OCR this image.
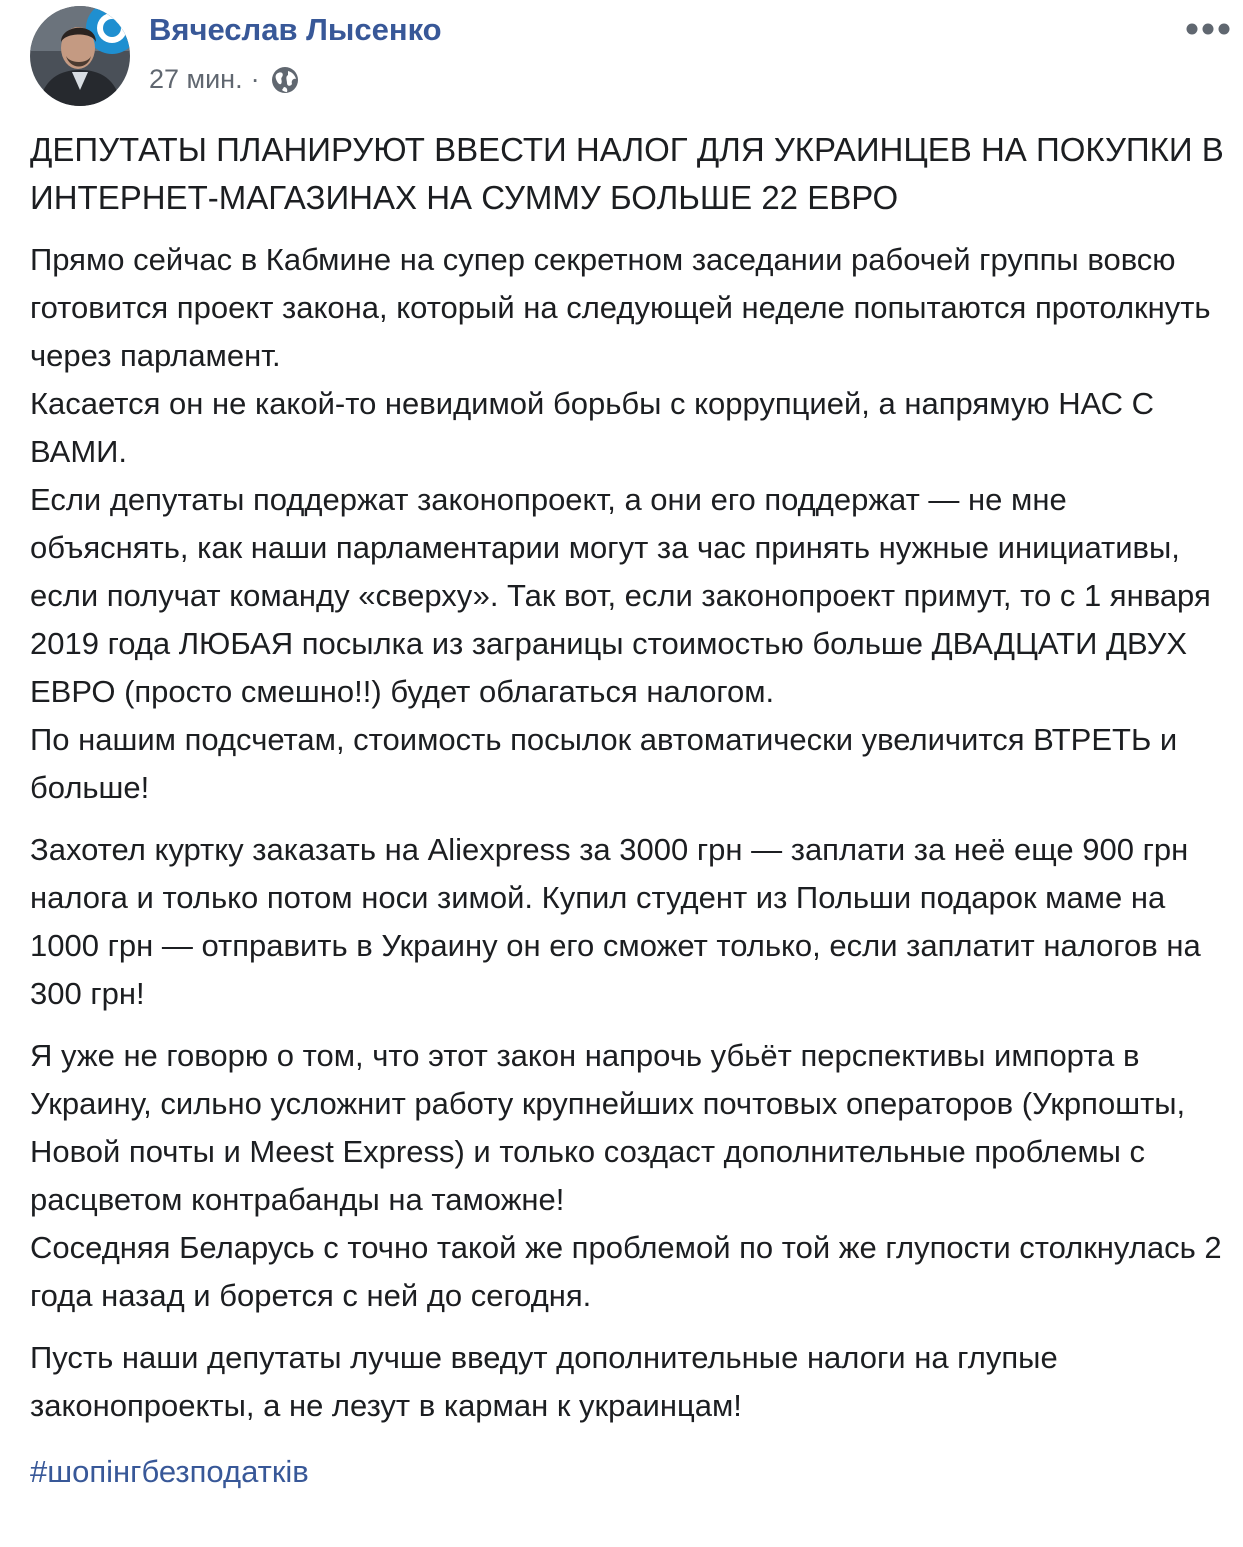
Вячеслав Лысенко
27 мин. ·
ДЕПУТАТЫ ПЛАНИРУЮТ ВВЕСТИ НАЛОГ ДЛЯ УКРАИНЦЕВ НА ПОКУПКИ В ИНТЕРНЕТ-МАГАЗИНАХ НА СУММУ БОЛЬШЕ 22 ЕВРО
Прямо сейчас в Кабмине на супер секретном заседании рабочей группы вовсю готовится проект закона, который на следующей неделе попытаются протолкнуть через парламент.
Касается он не какой-то невидимой борьбы с коррупцией, а напрямую НАС С ВАМИ.
Если депутаты поддержат законопроект, а они его поддержат — не мне объяснять, как наши парламентарии могут за час принять нужные инициативы, если получат команду «сверху». Так вот, если законопроект примут, то с 1 января 2019 года ЛЮБАЯ посылка из заграницы стоимостью больше ДВАДЦАТИ ДВУХ ЕВРО (просто смешно!!) будет облагаться налогом.
По нашим подсчетам, стоимость посылок автоматически увеличится ВТРЕТЬ и больше!
Захотел куртку заказать на Aliexpress за 3000 грн — заплати за неё еще 900 грн налога и только потом носи зимой. Купил студент из Польши подарок маме на 1000 грн — отправить в Украину он его сможет только, если заплатит налогов на 300 грн!
Я уже не говорю о том, что этот закон напрочь убьёт перспективы импорта в Украину, сильно усложнит работу крупнейших почтовых операторов (Укрпошты, Новой почты и Meest Express) и только создаст дополнительные проблемы с расцветом контрабанды на таможне!
Соседняя Беларусь с точно такой же проблемой по той же глупости столкнулась 2 года назад и борется с ней до сегодня.
Пусть наши депутаты лучше введут дополнительные налоги на глупые законопроекты, а не лезут в карман к украинцам!
#шопінгбезподатків
